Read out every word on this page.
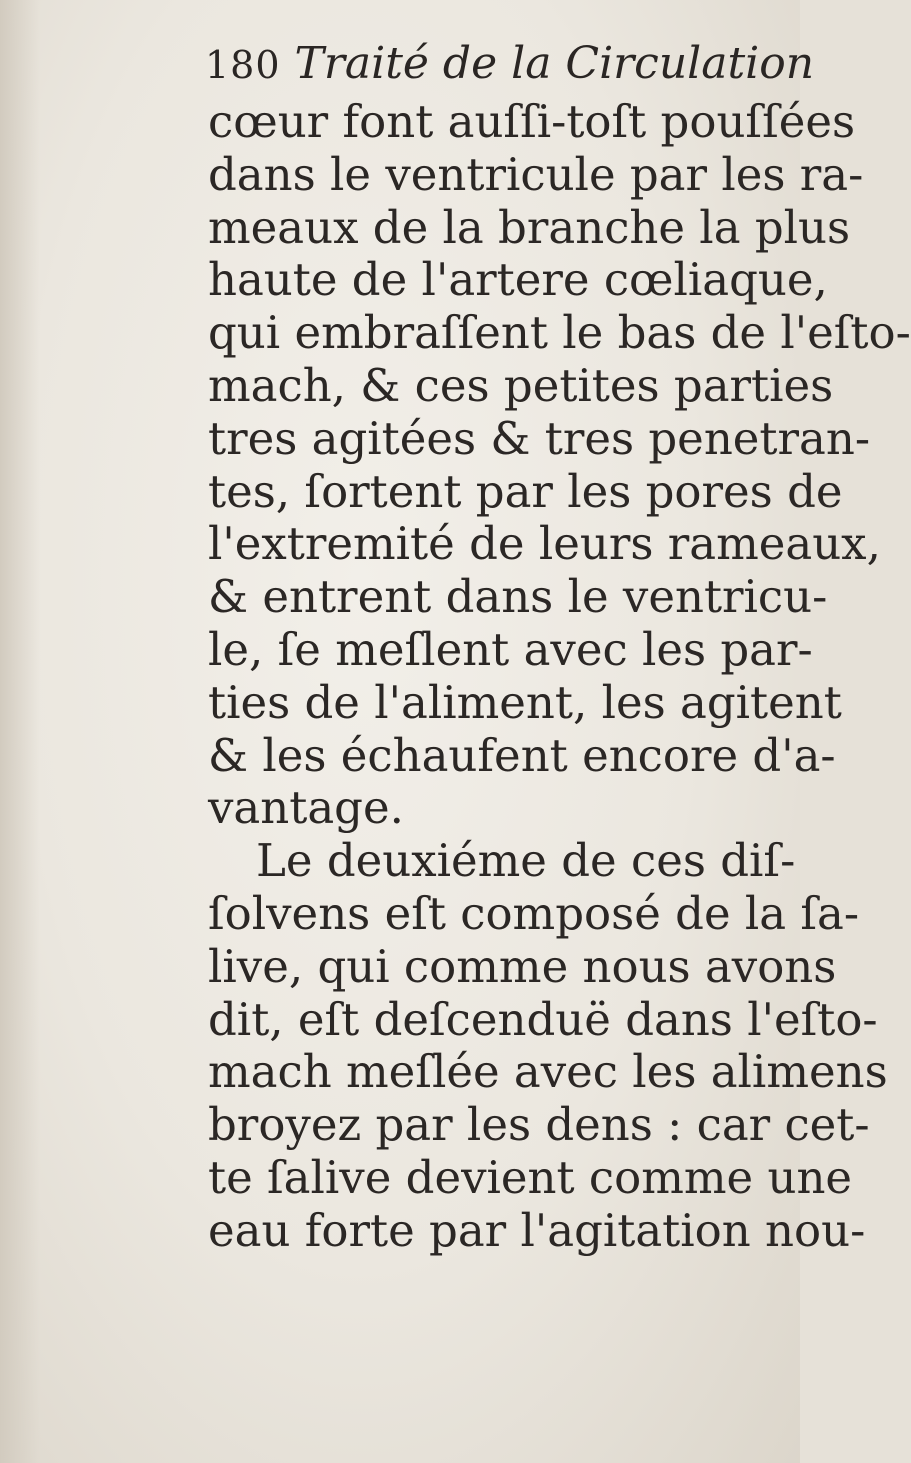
180 Traité de la Circulation
cœur font auſſi-toſt pouſſées
dans le ventricule par les ra-
meaux de la branche la plus
haute de l'artere cœliaque,
qui embraſſent le bas de l'eſto-
mach, & ces petites parties
tres agitées & tres penetran-
tes, ſortent par les pores de
l'extremité de leurs rameaux,
& entrent dans le ventricu-
le, ſe meſlent avec les par-
ties de l'aliment, les agitent
& les échaufent encore d'a-
vantage.
Le deuxiéme de ces diſ-
ſolvens eſt composé de la ſa-
live, qui comme nous avons
dit, eſt deſcenduë dans l'eſto-
mach meſlée avec les alimens
broyez par les dens : car cet-
te ſalive devient comme une
eau forte par l'agitation nou-
